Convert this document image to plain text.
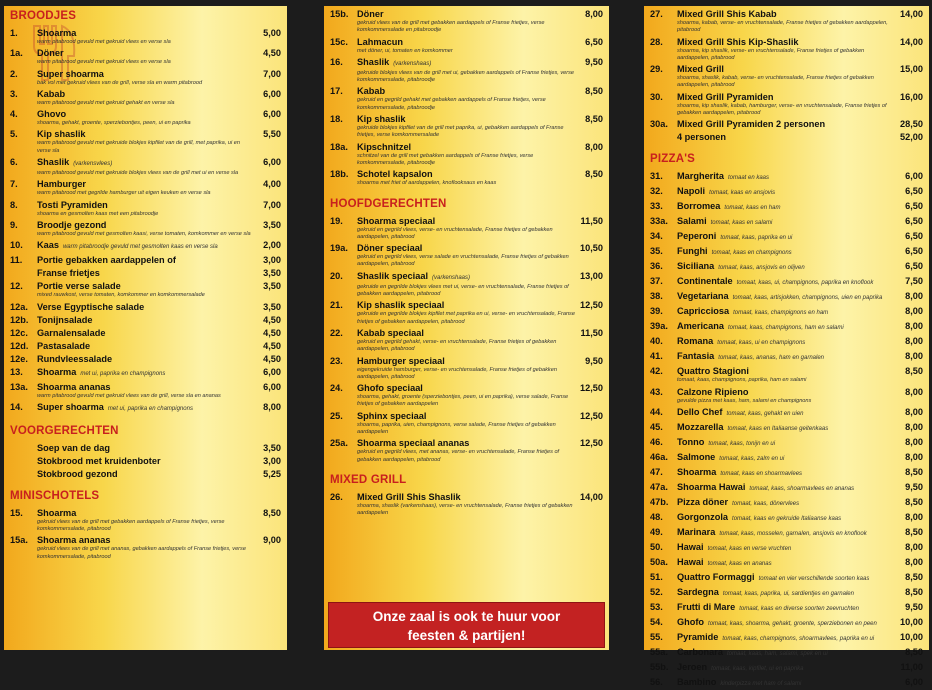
BROODJES
1.	Shoarma	5,00
warm pitabrood gevuld met gekruid vlees en verse sla
1a.	Döner	4,50
warm pitabrood gevuld met gekruid vlees en verse sla
2.	Super shoarma	7,00
bak vol met gekruid vlees van de grill, verse sla en warm pitabrood
3.	Kabab	6,00
warm pitabrood gevuld met gekruid gehakt en verse sla
4.	Ghovo	6,00
shoarma, gehakt, groente, sperziebontjes, peen, ui en paprika
5.	Kip shaslik	5,50
warm pitabrood gevuld met gekruide blokjes kipfilet van de grill, met paprika, ui en verse sla
6.	Shaslik (varkensvlees)	6,00
warm pitabrood gevuld met gekruide blokjes vlees van de grill met ui en verse sla
7.	Hamburger	4,00
warm pitabrood met gegrilde hamburger uit eigen keuken en verse sla
8.	Tosti Pyramiden	7,00
shoarma en gesmolten kaas met een pitabroodje
9.	Broodje gezond	3,50
warm pitabrood gevuld met gesmolten kaasi, verse tomaten, komkommer en verse sla
10.	Kaas warm pitabroodje gevuld met gesmolten kaas en verse sla	2,00
11.	Portie gebakken aardappelen of	3,00
Franse frietjes	3,50
12.	Portie verse salade	3,50
mixed rauwkost, verse tomaten, komkommer en komkommersalade
12a. Verse Egyptische salade	3,50
12b. Tonijnsalade	4,50
12c. Garnalensalade	4,50
12d. Pastasalade	4,50
12e. Rundvleessalade	4,50
13.	Shoarma met ui, paprika en champignons	6,00
13a. Shoarma ananas	6,00
warm pitabrood gevuld met gekruid vlees van de grill, verse sla en ananas
14.	Super shoarma met ui, paprika en champignons	8,00
VOORGERECHTEN
Soep van de dag	3,50
Stokbrood met kruidenboter	3,00
Stokbrood gezond	5,25
MINISCHOTELS
15.	Shoarma	8,50
gekruid vlees van de grill met gebakken aardappels of Franse frietjes, verse komkommersalade, pitabrood
15a. Shoarma ananas	9,00
gekruid vlees van de grill met ananas, gebakken aardappels of Franse frietjes, verse komkommersalade, pitabrood
15b. Döner	8,00
gekruid vlees van de grill met gebakken aardappels of Franse frietjes, verse komkommersalade en pitabroodje
15c. Lahmacun	6,50
met döner, ui, tomaten en komkommer
16.	Shaslik (varkenshaas)	9,50
gekruide blokjes vlees van de grill met ui, gebakken aardappels of Franse frietjes, verse komkommersalade, pitabroodje
17.	Kabab	8,50
gekruid en gegrild gehakt met gebakken aardappels of Franse frietjes, verse komkommersalade, pitabroodje
18.	Kip shaslik	8,50
gekruide blokjes kipfilet van de grill met paprika, ui, gebakken aardappels of Franse frietjes, verse komkommersalade
18a. Kipschnitzel	8,00
schnitzel van de grill met gebakken aardappels of Franse frietjes, verse komkommersalade, pitabroodje
18b. Schotel kapsalon	8,50
shoarma met friet of aardappelen, knoflooksaus en kaas
HOOFDGERECHTEN
19.	Shoarma speciaal	11,50
gekruid en gegrild vlees, verse- en vruchtensalade, Franse frietjes of gebakken aardappelen, pitabrood
19a. Döner speciaal	10,50
gekruid en gegrild vlees, verse salade en vruchtensalade, Franse frietjes of gebakken aardappelen, pitabrood
20.	Shaslik speciaal (varkenshaas)	13,00
gekruide en gegrilde blokjes vlees met ui, verse- en vruchtensalade, Franse frietjes of gebakken aardappelen, pitabrood
21.	Kip shaslik speciaal	12,50
gekruide en gegrilde blokjes kipfilet met paprika en ui, verse- en vruchtensalade, Franse frietjes of gebakken aardappelen, pitabrood
22.	Kabab speciaal	11,50
gekruid en gegrild gehakt, verse- en vruchtensalade, Franse frietjes of gebakken aardappelen, pitabrood
23.	Hamburger speciaal	9,50
eigengekruide hamburger, verse- en vruchtensalade, Franse frietjes of gebakken aardappelen, pitabrood
24.	Ghofo speciaal	12,50
shoarma, gehakt, groente (sperziebontjes, peen, ui en paprika), verse salade, Franse frietjes of gebakken aardappelen
25.	Sphinx speciaal	12,50
shoarma, paprika, uien, champignons, verse salade, Franse frietjes of gebakken aardappelen
25a. Shoarma speciaal ananas	12,50
gekruid en gegrild vlees, met ananas, verse- en vruchtensalade, Franse frietjes of gebakken aardappelen, pitabrood
MIXED GRILL
26.	Mixed Grill Shis Shaslik	14,00
shoarma, shaslik (varkenshaas), verse- en vruchtensalade, Franse frietjes of gebakken aardappelen
Onze zaal is ook te huur voor
feesten & partijen!
27.	Mixed Grill Shis Kabab	14,00
shoarma, kabab, verse- en vruchtensalade, Franse frietjes of gebakken aardappelen, pitabrood
28.	Mixed Grill Shis Kip-Shaslik	14,00
shoarma, kip shaslik, verse- en vruchtensalade, Franse frietjes of gebakken aardappelen, pitabrood
29.	Mixed Grill	15,00
shoarma, shaslik, kabab, verse- en vruchtensalade, Franse frietjes of gebakken aardappelen, pitabrood
30.	Mixed Grill Pyramiden	16,00
shoarma, kip shaslik, kabab, hamburger, verse- en vruchtensalade, Franse frietjes of gebakken aardappelen, pitabrood
30a. Mixed Grill Pyramiden 2 personen	28,50
4 personen	52,00
PIZZA'S
31.	Margherita tomaat en kaas	6,00
32.	Napoli tomaat, kaas en ansjovis	6,50
33.	Borromea tomaat, kaas en ham	6,50
33a. Salami tomaat, kaas en salami	6,50
34.	Peperoni tomaat, kaas, paprika en ui	6,50
35.	Funghi tomaat, kaas en champignons	6,50
36.	Siciliana tomaat, kaas, ansjovis en olijven	6,50
37.	Continentale tomaat, kaas, ui, champignons, paprika en knoflook	7,50
38.	Vegetariana tomaat, kaas, artisjokken, champignons, uien en paprika	8,00
39.	Capricciosa tomaat, kaas, champignons en ham	8,00
39a. Americana tomaat, kaas, champignons, ham en salami	8,00
40.	Romana tomaat, kaas, ui en champignons	8,00
41.	Fantasia tomaat, kaas, ananas, ham en garnalen	8,00
42.	Quattro Stagioni	8,50
tomaat, kaas, champignons, paprika, ham en salami
43.	Calzone Ripieno	8,00
gevulde pizza met kaas, ham, salami en champignons
44.	Dello Chef tomaat, kaas, gehakt en uien	8,00
45.	Mozzarella tomaat, kaas en Italiaanse geitenkaas	8,00
46.	Tonno tomaat, kaas, tonijn en ui	8,00
46a. Salmone tomaat, kaas, zalm en ui	8,00
47.	Shoarma tomaat, kaas en shoarmavlees	8,50
47a. Shoarma Hawai tomaat, kaas, shoarmavlees en ananas	9,50
47b. Pizza döner tomaat, kaas, dönervlees	8,50
48.	Gorgonzola tomaat, kaas en gekruide Italiaanse kaas	8,00
49.	Marinara tomaat, kaas, mosselen, garnalen, ansjovis en knoflook	8,50
50.	Hawai tomaat, kaas en verse vruchten	8,00
50a. Hawai tomaat, kaas en ananas	8,00
51.	Quattro Formaggi tomaat en vier verschillende soorten kaas	8,50
52.	Sardegna tomaat, kaas, paprika, ui, sardientjes en garnalen	8,50
53.	Frutti di Mare tomaat, kaas en diverse soorten zeevruchten	9,50
54.	Ghofo tomaat, kaas, shoarma, gehakt, groente, sperziebonen en peen	10,00
55.	Pyramide tomaat, kaas, champignons, shoarmavlees, paprika en ui	10,00
55a. Carbonara tomaat, kaas, ham, salami, spek en ui	8,50
55b. Jeroen tomaat, kaas, kipfilet, ui en paprika	11,00
56.	Bambino kinderpizza met ham of salami	6,00
